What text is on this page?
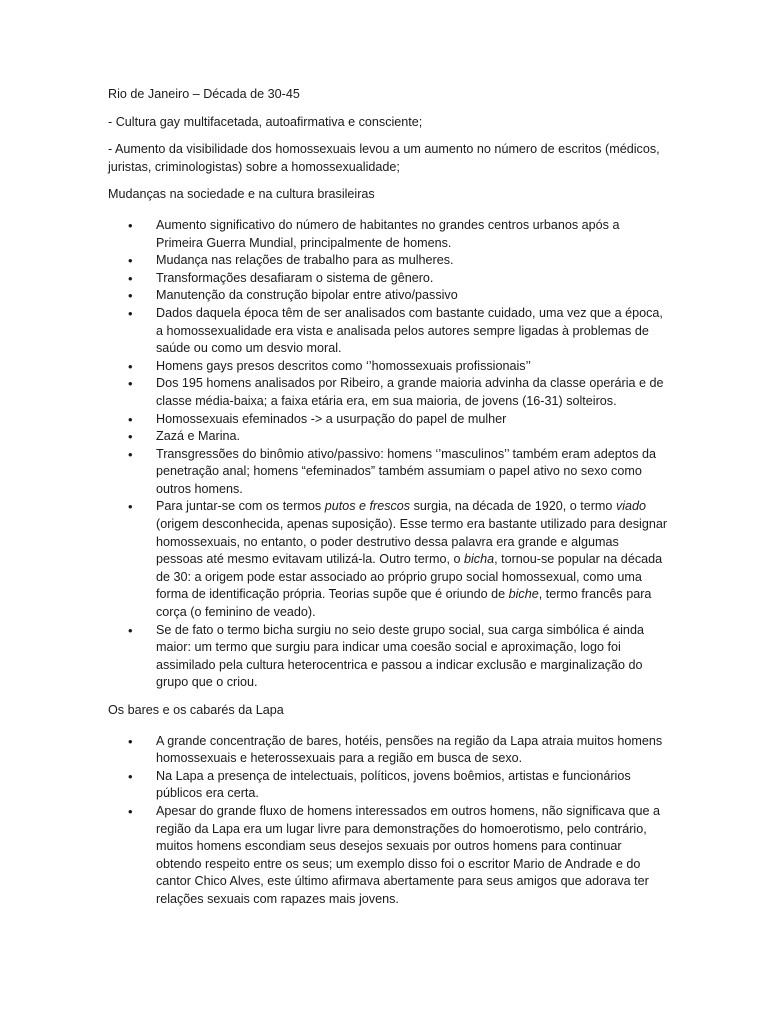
Rio de Janeiro – Década de 30-45

- Cultura gay multifacetada, autoafirmativa e consciente;

- Aumento da visibilidade dos homossexuais levou a um aumento no número de escritos (médicos, juristas, criminologistas) sobre a homossexualidade;

Mudanças na sociedade e na cultura brasileiras

• Aumento significativo do número de habitantes no grandes centros urbanos após a Primeira Guerra Mundial, principalmente de homens.
• Mudança nas relações de trabalho para as mulheres.
• Transformações desafiaram o sistema de gênero.
• Manutenção da construção bipolar entre ativo/passivo
• Dados daquela época têm de ser analisados com bastante cuidado, uma vez que a época, a homossexualidade era vista e analisada pelos autores sempre ligadas à problemas de saúde ou como um desvio moral.
• Homens gays presos descritos como ‘’homossexuais profissionais’’
• Dos 195 homens analisados por Ribeiro, a grande maioria advinha da classe operária e de classe média-baixa; a faixa etária era, em sua maioria, de jovens (16-31) solteiros.
• Homossexuais efeminados -> a usurpação do papel de mulher
• Zazá e Marina.
• Transgressões do binômio ativo/passivo: homens ‘’masculinos’’ também eram adeptos da penetração anal; homens “efeminados” também assumiam o papel ativo no sexo como outros homens.
• Para juntar-se com os termos putos e frescos surgia, na década de 1920, o termo viado (origem desconhecida, apenas suposição). Esse termo era bastante utilizado para designar homossexuais, no entanto, o poder destrutivo dessa palavra era grande e algumas pessoas até mesmo evitavam utilizá-la. Outro termo, o bicha, tornou-se popular na década de 30: a origem pode estar associado ao próprio grupo social homossexual, como uma forma de identificação própria. Teorias supõe que é oriundo de biche, termo francês para corça (o feminino de veado).
• Se de fato o termo bicha surgiu no seio deste grupo social, sua carga simbólica é ainda maior: um termo que surgiu para indicar uma coesão social e aproximação, logo foi assimilado pela cultura heterocentrica e passou a indicar exclusão e marginalização do grupo que o criou.

Os bares e os cabarés da Lapa

• A grande concentração de bares, hotéis, pensões na região da Lapa atraia muitos homens homossexuais e heterossexuais para a região em busca de sexo.
• Na Lapa a presença de intelectuais, políticos, jovens boêmios, artistas e funcionários públicos era certa.
• Apesar do grande fluxo de homens interessados em outros homens, não significava que a região da Lapa era um lugar livre para demonstrações do homoerotismo, pelo contrário, muitos homens escondiam seus desejos sexuais por outros homens para continuar obtendo respeito entre os seus; um exemplo disso foi o escritor Mario de Andrade e do cantor Chico Alves, este último afirmava abertamente para seus amigos que adorava ter relações sexuais com rapazes mais jovens.
